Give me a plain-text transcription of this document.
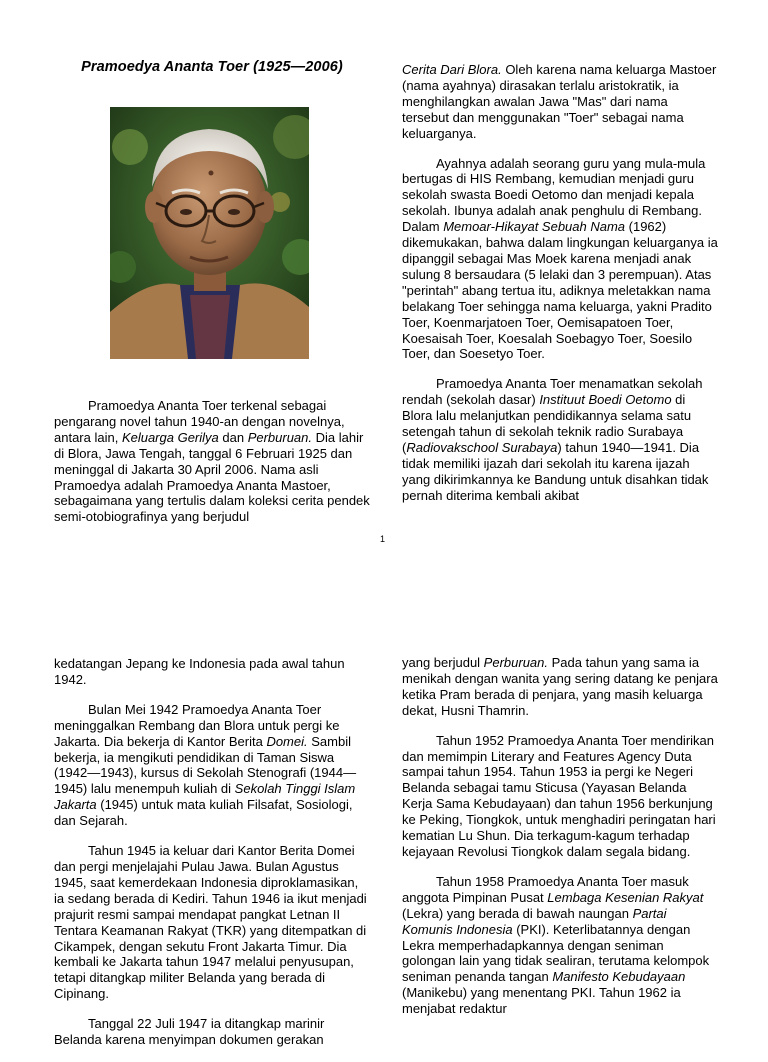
Pramoedya Ananta Toer (1925—2006)

Pramoedya Ananta Toer terkenal sebagai pengarang novel tahun 1940-an dengan novelnya, antara lain, Keluarga Gerilya dan Perburuan. Dia lahir di Blora, Jawa Tengah, tanggal 6 Februari 1925 dan meninggal di Jakarta 30 April 2006. Nama asli Pramoedya adalah Pramoedya Ananta Mastoer, sebagaimana yang tertulis dalam koleksi cerita pendek semi-otobiografinya yang berjudul

Cerita Dari Blora. Oleh karena nama keluarga Mastoer (nama ayahnya) dirasakan terlalu aristokratik, ia menghilangkan awalan Jawa "Mas" dari nama tersebut dan menggunakan "Toer" sebagai nama keluarganya.

Ayahnya adalah seorang guru yang mula-mula bertugas di HIS Rembang, kemudian menjadi guru sekolah swasta Boedi Oetomo dan menjadi kepala sekolah. Ibunya adalah anak penghulu di Rembang. Dalam Memoar-Hikayat Sebuah Nama (1962) dikemukakan, bahwa dalam lingkungan keluarganya ia dipanggil sebagai Mas Moek karena menjadi anak sulung 8 bersaudara (5 lelaki dan 3 perempuan). Atas "perintah" abang tertua itu, adiknya meletakkan nama belakang Toer sehingga nama keluarga, yakni Pradito Toer, Koenmarjatoen Toer, Oemisapatoen Toer, Koesaisah Toer, Koesalah Soebagyo Toer, Soesilo Toer, dan Soesetyo Toer.

Pramoedya Ananta Toer menamatkan sekolah rendah (sekolah dasar) Instituut Boedi Oetomo di Blora lalu melanjutkan pendidikannya selama satu setengah tahun di sekolah teknik radio Surabaya (Radiovakschool Surabaya) tahun 1940—1941. Dia tidak memiliki ijazah dari sekolah itu karena ijazah yang dikirimkannya ke Bandung untuk disahkan tidak pernah diterima kembali akibat

1

kedatangan Jepang ke Indonesia pada awal tahun 1942.

Bulan Mei 1942 Pramoedya Ananta Toer meninggalkan Rembang dan Blora untuk pergi ke Jakarta. Dia bekerja di Kantor Berita Domei. Sambil bekerja, ia mengikuti pendidikan di Taman Siswa (1942—1943), kursus di Sekolah Stenografi (1944—1945) lalu menempuh kuliah di Sekolah Tinggi Islam Jakarta (1945) untuk mata kuliah Filsafat, Sosiologi, dan Sejarah.

Tahun 1945 ia keluar dari Kantor Berita Domei dan pergi menjelajahi Pulau Jawa. Bulan Agustus 1945, saat kemerdekaan Indonesia diproklamasikan, ia sedang berada di Kediri. Tahun 1946 ia ikut menjadi prajurit resmi sampai mendapat pangkat Letnan II Tentara Keamanan Rakyat (TKR) yang ditempatkan di Cikampek, dengan sekutu Front Jakarta Timur. Dia kembali ke Jakarta tahun 1947 melalui penyusupan, tetapi ditangkap militer Belanda yang berada di Cipinang.

Tanggal 22 Juli 1947 ia ditangkap marinir Belanda karena menyimpan dokumen gerakan

yang berjudul Perburuan. Pada tahun yang sama ia menikah dengan wanita yang sering datang ke penjara ketika Pram berada di penjara, yang masih keluarga dekat, Husni Thamrin.

Tahun 1952 Pramoedya Ananta Toer mendirikan dan memimpin Literary and Features Agency Duta sampai tahun 1954. Tahun 1953 ia pergi ke Negeri Belanda sebagai tamu Sticusa (Yayasan Belanda Kerja Sama Kebudayaan) dan tahun 1956 berkunjung ke Peking, Tiongkok, untuk menghadiri peringatan hari kematian Lu Shun. Dia terkagum-kagum terhadap kejayaan Revolusi Tiongkok dalam segala bidang.

Tahun 1958 Pramoedya Ananta Toer masuk anggota Pimpinan Pusat Lembaga Kesenian Rakyat (Lekra) yang berada di bawah naungan Partai Komunis Indonesia (PKI). Keterlibatannya dengan Lekra memperhadapkannya dengan seniman golongan lain yang tidak sealiran, terutama kelompok seniman penanda tangan Manifesto Kebudayaan (Manikebu) yang menentang PKI. Tahun 1962 ia menjabat redaktur
